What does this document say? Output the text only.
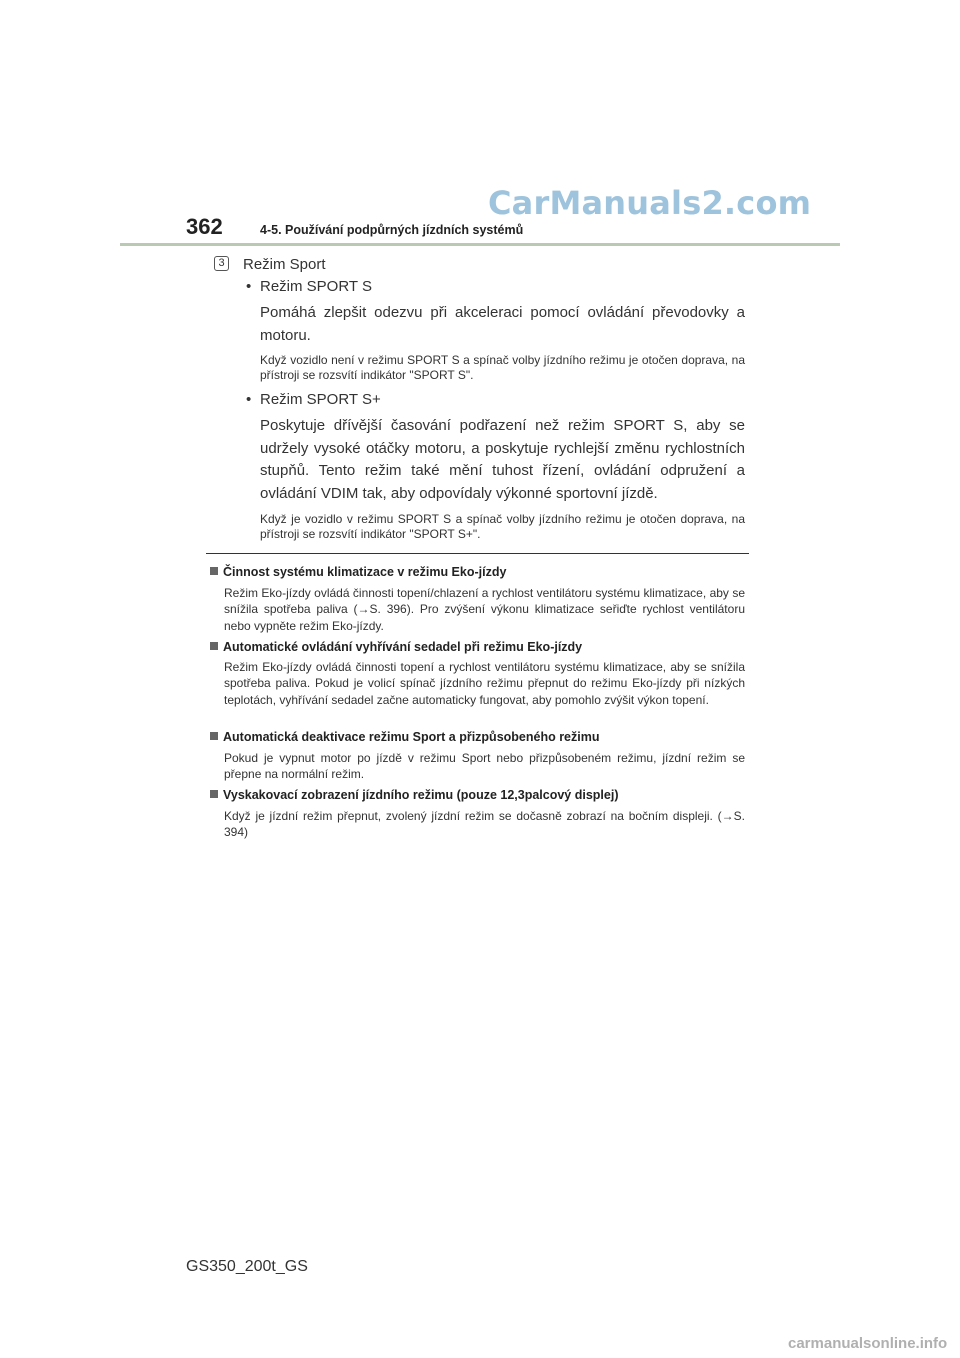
CarManuals2.com
362	4-5. Používání podpůrných jízdních systémů
3 Režim Sport
• Režim SPORT S
Pomáhá zlepšit odezvu při akceleraci pomocí ovládání převodovky a motoru.
Když vozidlo není v režimu SPORT S a spínač volby jízdního režimu je otočen doprava, na přístroji se rozsvítí indikátor "SPORT S".
• Režim SPORT S+
Poskytuje dřívější časování podřazení než režim SPORT S, aby se udržely vysoké otáčky motoru, a poskytuje rychlejší změnu rychlostních stupňů. Tento režim také mění tuhost řízení, ovládání odpružení a ovládání VDIM tak, aby odpovídaly výkonné sportovní jízdě.
Když je vozidlo v režimu SPORT S a spínač volby jízdního režimu je otočen doprava, na přístroji se rozsvítí indikátor "SPORT S+".
Činnost systému klimatizace v režimu Eko-jízdy
Režim Eko-jízdy ovládá činnosti topení/chlazení a rychlost ventilátoru systému klimatizace, aby se snížila spotřeba paliva (→S. 396). Pro zvýšení výkonu klimatizace seřiďte rychlost ventilátoru nebo vypněte režim Eko-jízdy.
Automatické ovládání vyhřívání sedadel při režimu Eko-jízdy
Režim Eko-jízdy ovládá činnosti topení a rychlost ventilátoru systému klimatizace, aby se snížila spotřeba paliva. Pokud je volicí spínač jízdního režimu přepnut do režimu Eko-jízdy při nízkých teplotách, vyhřívání sedadel začne automaticky fungovat, aby pomohlo zvýšit výkon topení.
Automatická deaktivace režimu Sport a přizpůsobeného režimu
Pokud je vypnut motor po jízdě v režimu Sport nebo přizpůsobeném režimu, jízdní režim se přepne na normální režim.
Vyskakovací zobrazení jízdního režimu (pouze 12,3palcový displej)
Když je jízdní režim přepnut, zvolený jízdní režim se dočasně zobrazí na bočním displeji. (→S. 394)
GS350_200t_GS
carmanualsonline.info
